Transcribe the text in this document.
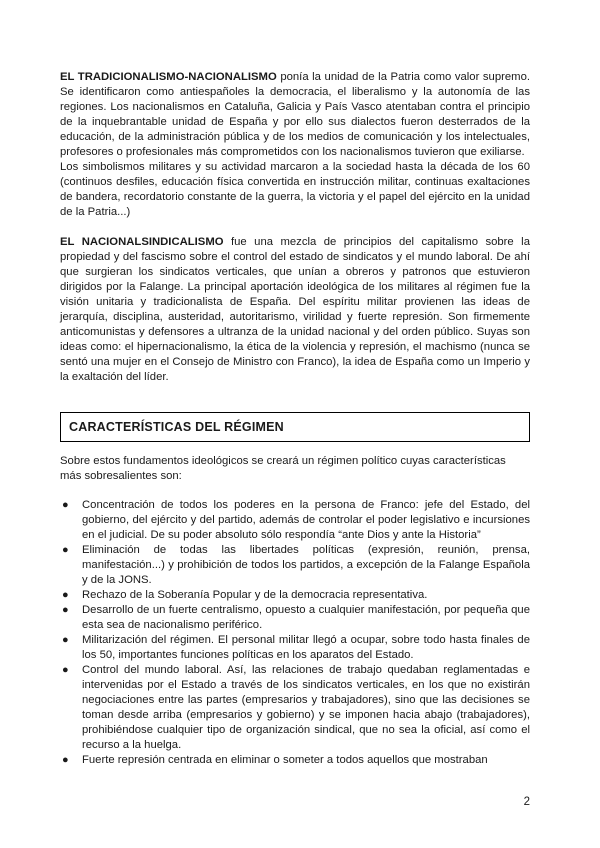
EL TRADICIONALISMO-NACIONALISMO ponía la unidad de la Patria como valor supremo. Se identificaron como antiespañoles la democracia, el liberalismo y la autonomía de las regiones. Los nacionalismos en Cataluña, Galicia y País Vasco atentaban contra el principio de la inquebrantable unidad de España y por ello sus dialectos fueron desterrados de la educación, de la administración pública y de los medios de comunicación y los intelectuales, profesores o profesionales más comprometidos con los nacionalismos tuvieron que exiliarse.

Los simbolismos militares y su actividad marcaron a la sociedad hasta la década de los 60 (continuos desfiles, educación física convertida en instrucción militar, continuas exaltaciones de bandera, recordatorio constante de la guerra, la victoria y el papel del ejército en la unidad de la Patria...)

EL NACIONALSINDICALISMO fue una mezcla de principios del capitalismo sobre la propiedad y del fascismo sobre el control del estado de sindicatos y el mundo laboral. De ahí que surgieran los sindicatos verticales, que unían a obreros y patronos que estuvieron dirigidos por la Falange. La principal aportación ideológica de los militares al régimen fue la visión unitaria y tradicionalista de España. Del espíritu militar provienen las ideas de jerarquía, disciplina, austeridad, autoritarismo, virilidad y fuerte represión. Son firmemente anticomunistas y defensores a ultranza de la unidad nacional y del orden público. Suyas son ideas como: el hipernacionalismo, la ética de la violencia y represión, el machismo (nunca se sentó una mujer en el Consejo de Ministro con Franco), la idea de España como un Imperio y la exaltación del líder.

CARACTERÍSTICAS DEL RÉGIMEN

Sobre estos fundamentos ideológicos se creará un régimen político cuyas características más sobresalientes son:

● Concentración de todos los poderes en la persona de Franco: jefe del Estado, del gobierno, del ejército y del partido, además de controlar el poder legislativo e incursiones en el judicial. De su poder absoluto sólo respondía “ante Dios y ante la Historia”
● Eliminación de todas las libertades políticas (expresión, reunión, prensa, manifestación...) y prohibición de todos los partidos, a excepción de la Falange Española y de la JONS.
● Rechazo de la Soberanía Popular y de la democracia representativa.
● Desarrollo de un fuerte centralismo, opuesto a cualquier manifestación, por pequeña que esta sea de nacionalismo periférico.
● Militarización del régimen. El personal militar llegó a ocupar, sobre todo hasta finales de los 50, importantes funciones políticas en los aparatos del Estado.
● Control del mundo laboral. Así, las relaciones de trabajo quedaban reglamentadas e intervenidas por el Estado a través de los sindicatos verticales, en los que no existirán negociaciones entre las partes (empresarios y trabajadores), sino que las decisiones se toman desde arriba (empresarios y gobierno) y se imponen hacia abajo (trabajadores), prohibiéndose cualquier tipo de organización sindical, que no sea la oficial, así como el recurso a la huelga.
● Fuerte represión centrada en eliminar o someter a todos aquellos que mostraban
2
